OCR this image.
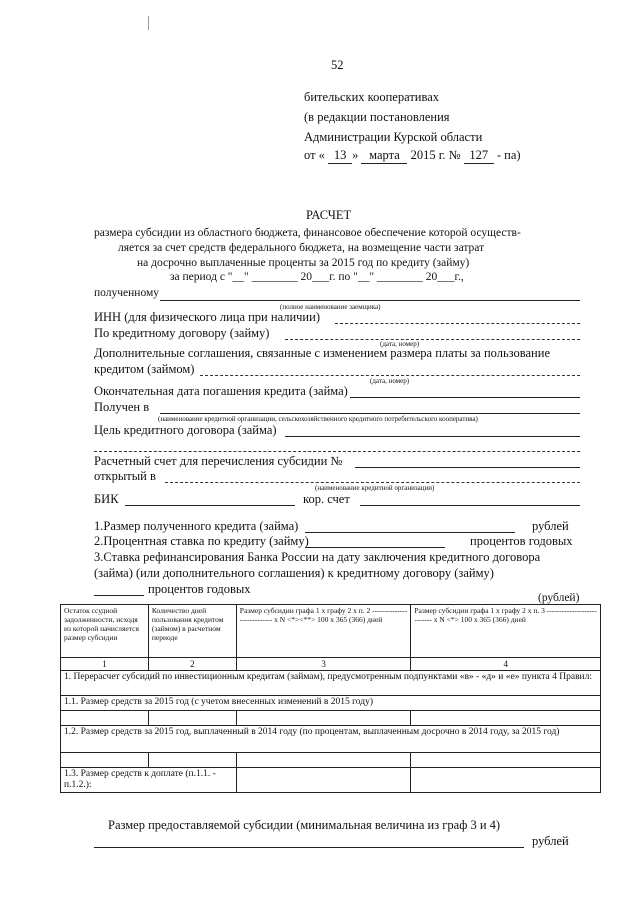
52
бительских кооперативах
(в редакции постановления
Администрации Курской области
от « 13 » марта 2015 г. № 127 - па)
РАСЧЕТ
размера субсидии из областного бюджета, финансовое обеспечение которой осуществ-
ляется за счет средств федерального бюджета, на возмещение части затрат
на досрочно выплаченные проценты за 2015 год по кредиту (займу)
за период с "__" ________ 20___г. по "__" ________ 20___г.,
полученному
(полное наименование заемщика)
ИНН (для физического лица при наличии)
По кредитному договору (займу)
(дата, номер)
Дополнительные соглашения, связанные с изменением размера платы за пользование
кредитом (займом)
(дата, номер)
Окончательная дата погашения кредита (займа)
Получен в
(наименование кредитной организации, сельскохозяйственного кредитного потребительского кооператива)
Цель кредитного договора (займа)
Расчетный счет для перечисления субсидии №
открытый в
(наименование кредитной организации)
БИК	кор. счет
1.Размер полученного кредита (займа)	рублей
2.Процентная ставка по кредиту (займу)	процентов годовых
3.Ставка рефинансирования Банка России на дату заключения кредитного договора
(займа) (или дополнительного соглашения) к кредитному договору (займу)
процентов годовых
(рублей)
Остаток ссудной задолженности, исходя из которой начисляется размер субсидии	Количество дней пользования кредитом (займом) в расчетном периоде	Размер субсидии графа 1 х графу 2 х п. 2 --------------------------- х N <*><**> 100 х 365 (366) дней	Размер субсидии графа 1 х графу 2 х п. 3 --------------------------- х N <*> 100 х 365 (366) дней
1	2	3	4
1. Перерасчет субсидий по инвестиционным кредитам (займам), предусмотренным подпунктами «в» - «д» и «е» пункта 4 Правил:			
1.1. Размер средств за 2015 год (с учетом внесенных изменений в 2015 году)			

1.2. Размер средств за 2015 год, выплаченный в 2014 году (по процентам, выплаченным досрочно в 2014 году, за 2015 год)			

1.3. Размер средств к доплате (п.1.1. - п.1.2.):			
Размер предоставляемой субсидии (минимальная величина из граф 3 и 4)
рублей
